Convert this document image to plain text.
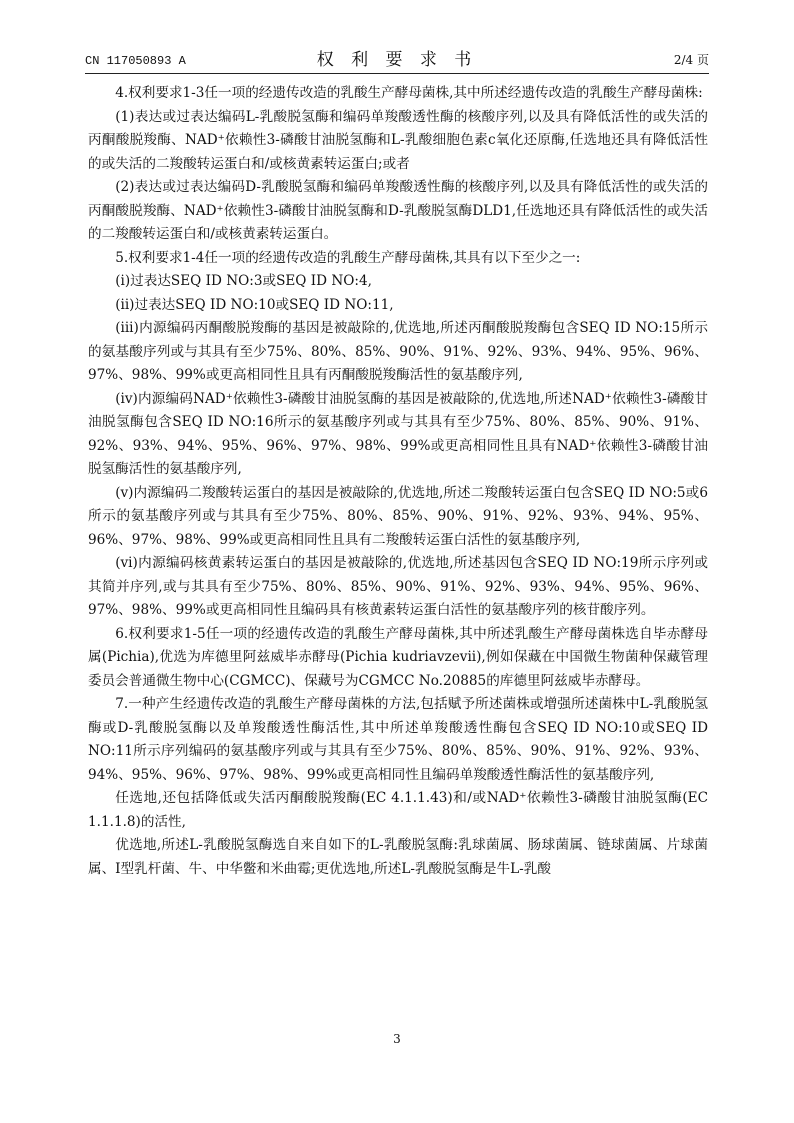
CN 117050893 A	权 利 要 求 书	2/4 页

4.权利要求1-3任一项的经遗传改造的乳酸生产酵母菌株,其中所述经遗传改造的乳酸生产酵母菌株:

(1)表达或过表达编码L-乳酸脱氢酶和编码单羧酸透性酶的核酸序列,以及具有降低活性的或失活的丙酮酸脱羧酶、NAD⁺依赖性3-磷酸甘油脱氢酶和L-乳酸细胞色素c氧化还原酶,任选地还具有降低活性的或失活的二羧酸转运蛋白和/或核黄素转运蛋白;或者

(2)表达或过表达编码D-乳酸脱氢酶和编码单羧酸透性酶的核酸序列,以及具有降低活性的或失活的丙酮酸脱羧酶、NAD⁺依赖性3-磷酸甘油脱氢酶和D-乳酸脱氢酶DLD1,任选地还具有降低活性的或失活的二羧酸转运蛋白和/或核黄素转运蛋白。

5.权利要求1-4任一项的经遗传改造的乳酸生产酵母菌株,其具有以下至少之一:

(i)过表达SEQ ID NO:3或SEQ ID NO:4,

(ii)过表达SEQ ID NO:10或SEQ ID NO:11,

(iii)内源编码丙酮酸脱羧酶的基因是被敲除的,优选地,所述丙酮酸脱羧酶包含SEQ ID NO:15所示的氨基酸序列或与其具有至少75%、80%、85%、90%、91%、92%、93%、94%、95%、96%、97%、98%、99%或更高相同性且具有丙酮酸脱羧酶活性的氨基酸序列,

(iv)内源编码NAD⁺依赖性3-磷酸甘油脱氢酶的基因是被敲除的,优选地,所述NAD⁺依赖性3-磷酸甘油脱氢酶包含SEQ ID NO:16所示的氨基酸序列或与其具有至少75%、80%、85%、90%、91%、92%、93%、94%、95%、96%、97%、98%、99%或更高相同性且具有NAD⁺依赖性3-磷酸甘油脱氢酶活性的氨基酸序列,

(v)内源编码二羧酸转运蛋白的基因是被敲除的,优选地,所述二羧酸转运蛋白包含SEQ ID NO:5或6所示的氨基酸序列或与其具有至少75%、80%、85%、90%、91%、92%、93%、94%、95%、96%、97%、98%、99%或更高相同性且具有二羧酸转运蛋白活性的氨基酸序列,

(vi)内源编码核黄素转运蛋白的基因是被敲除的,优选地,所述基因包含SEQ ID NO:19所示序列或其简并序列,或与其具有至少75%、80%、85%、90%、91%、92%、93%、94%、95%、96%、97%、98%、99%或更高相同性且编码具有核黄素转运蛋白活性的氨基酸序列的核苷酸序列。

6.权利要求1-5任一项的经遗传改造的乳酸生产酵母菌株,其中所述乳酸生产酵母菌株选自毕赤酵母属(Pichia),优选为库德里阿兹威毕赤酵母(Pichia kudriavzevii),例如保藏在中国微生物菌种保藏管理委员会普通微生物中心(CGMCC)、保藏号为CGMCC No.20885的库德里阿兹威毕赤酵母。

7.一种产生经遗传改造的乳酸生产酵母菌株的方法,包括赋予所述菌株或增强所述菌株中L-乳酸脱氢酶或D-乳酸脱氢酶以及单羧酸透性酶活性,其中所述单羧酸透性酶包含SEQ ID NO:10或SEQ ID NO:11所示序列编码的氨基酸序列或与其具有至少75%、80%、85%、90%、91%、92%、93%、94%、95%、96%、97%、98%、99%或更高相同性且编码单羧酸透性酶活性的氨基酸序列,

任选地,还包括降低或失活丙酮酸脱羧酶(EC 4.1.1.43)和/或NAD⁺依赖性3-磷酸甘油脱氢酶(EC 1.1.1.8)的活性,

优选地,所述L-乳酸脱氢酶选自来自如下的L-乳酸脱氢酶:乳球菌属、肠球菌属、链球菌属、片球菌属、I型乳杆菌、牛、中华鳖和米曲霉;更优选地,所述L-乳酸脱氢酶是牛L-乳酸

3
